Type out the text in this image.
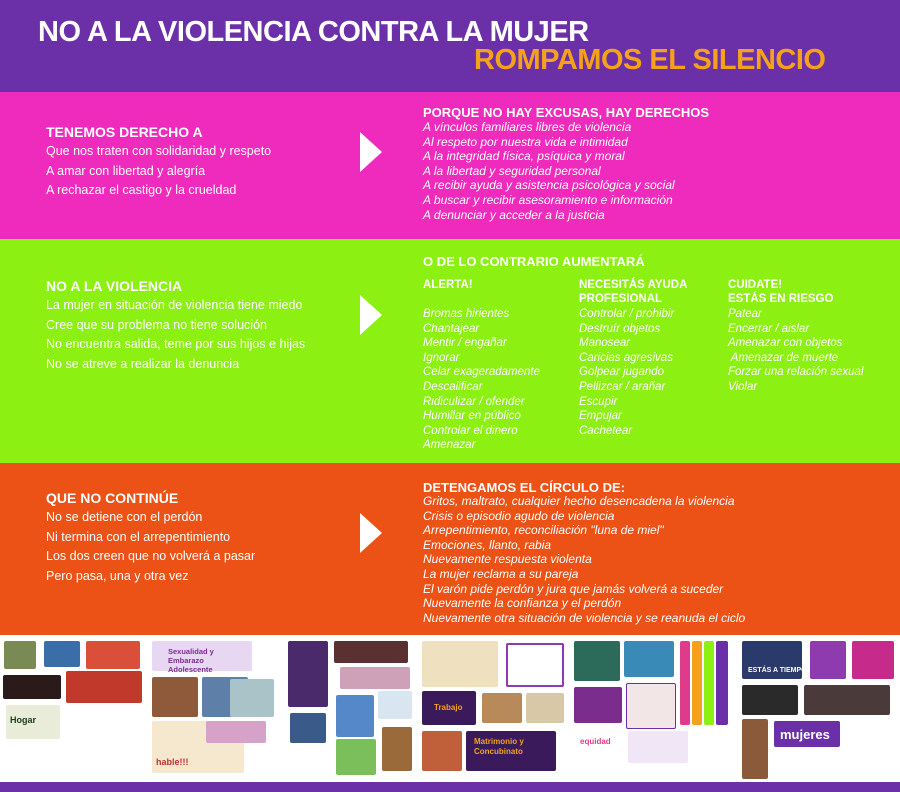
NO A LA VIOLENCIA CONTRA LA MUJER
ROMPAMOS EL SILENCIO
TENEMOS DERECHO A
Que nos traten con solidaridad y respeto
A amar con libertad y alegría
A rechazar el castigo y la crueldad
PORQUE NO HAY EXCUSAS, HAY DERECHOS
A vínculos familiares libres de violencia
Al respeto por nuestra vida e intimidad
A la integridad física, psíquica y moral
A la libertad y seguridad personal
A recibir ayuda y asistencia psicológica y social
A buscar y recibir asesoramiento e información
A denunciar y acceder a la justicia
NO A LA VIOLENCIA
La mujer en situación de violencia tiene miedo
Cree que su problema no tiene solución
No encuentra salida, teme por sus hijos e hijas
No se atreve a realizar la denuncia
O DE LO CONTRARIO AUMENTARÁ
ALERTA!
Bromas hirientes
Chantajear
Mentir / engañar
Ignorar
Celar exageradamente
Descalificar
Ridiculizar / ofender
Humillar en público
Controlar el dinero
Amenazar
NECESITÁS AYUDA
PROFESIONAL
Controlar / prohibir
Destruír objetos
Manosear
Caricias agresivas
Golpear jugando
Pellizcar / arañar
Escupir
Empujar
Cachetear
CUIDATE!
ESTÁS EN RIESGO
Patear
Encerrar / aislar
Amenazar con objetos
Amenazar de muerte
Forzar una relación sexual
Violar
QUE NO CONTINÚE
No se detiene con el perdón
Ni termina con el arrepentimiento
Los dos creen que no volverá a pasar
Pero pasa, una y otra vez
DETENGAMOS EL CÍRCULO DE:
Gritos, maltrato, cualquier hecho desencadena la violencia
Crisis o episodio agudo de violencia
Arrepentimiento, reconciliación "luna de miel"
Emociones, llanto, rabia
Nuevamente respuesta violenta
La mujer reclama a su pareja
El varón pide perdón y jura que jamás volverá a suceder
Nuevamente la confianza y el perdón
Nuevamente otra situación de violencia y se reanuda el ciclo
Hogar
Sexualidad y Embarazo Adolescente
hable!!!
Trabajo
Matrimonio y Concubinato
equidad
ESTÁS A TIEMPO
mujeres
